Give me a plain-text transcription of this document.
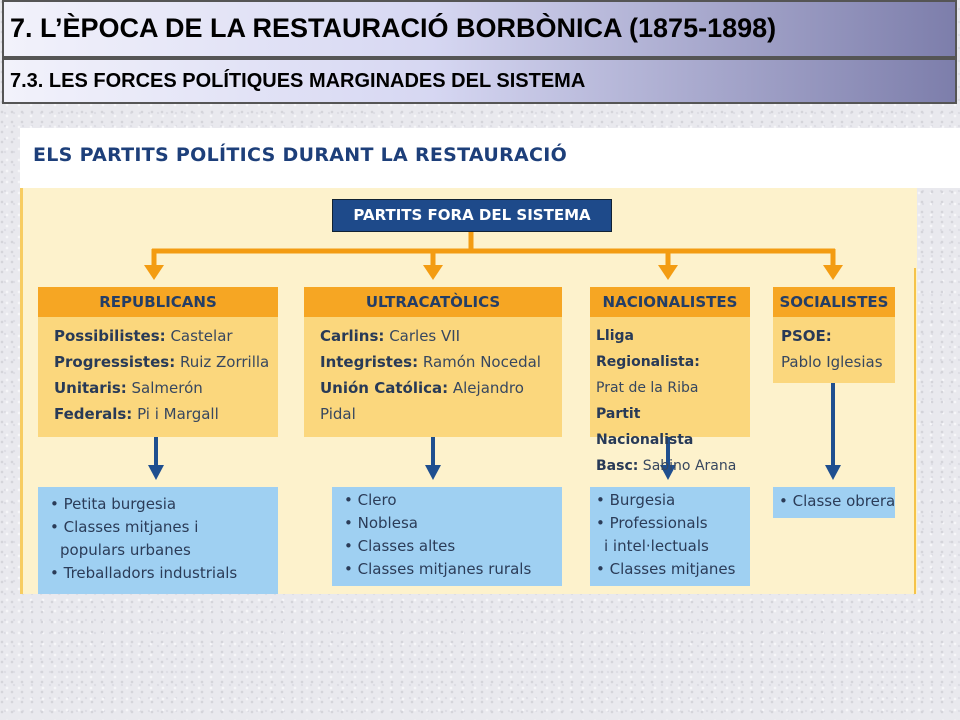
7. L’ÈPOCA DE LA RESTAURACIÓ BORBÒNICA (1875-1898)
7.3. LES FORCES POLÍTIQUES MARGINADES DEL SISTEMA
ELS PARTITS POLÍTICS DURANT LA RESTAURACIÓ
PARTITS FORA DEL SISTEMA
REPUBLICANS
Possibilistes: Castelar
Progressistes: Ruiz Zorrilla
Unitaris: Salmerón
Federals: Pi i Margall
ULTRACATÒLICS
Carlins: Carles VII
Integristes: Ramón Nocedal
Unión Católica: Alejandro
Pidal
NACIONALISTES
Lliga Regionalista:
Prat de la Riba
Partit Nacionalista
Basc: Sabino Arana
SOCIALISTES
PSOE:
Pablo Iglesias
• Petita burgesia
• Classes mitjanes i
populars urbanes
• Treballadors industrials
• Clero
• Noblesa
• Classes altes
• Classes mitjanes rurals
• Burgesia
• Professionals
i intel·lectuals
• Classes mitjanes
• Classe obrera
